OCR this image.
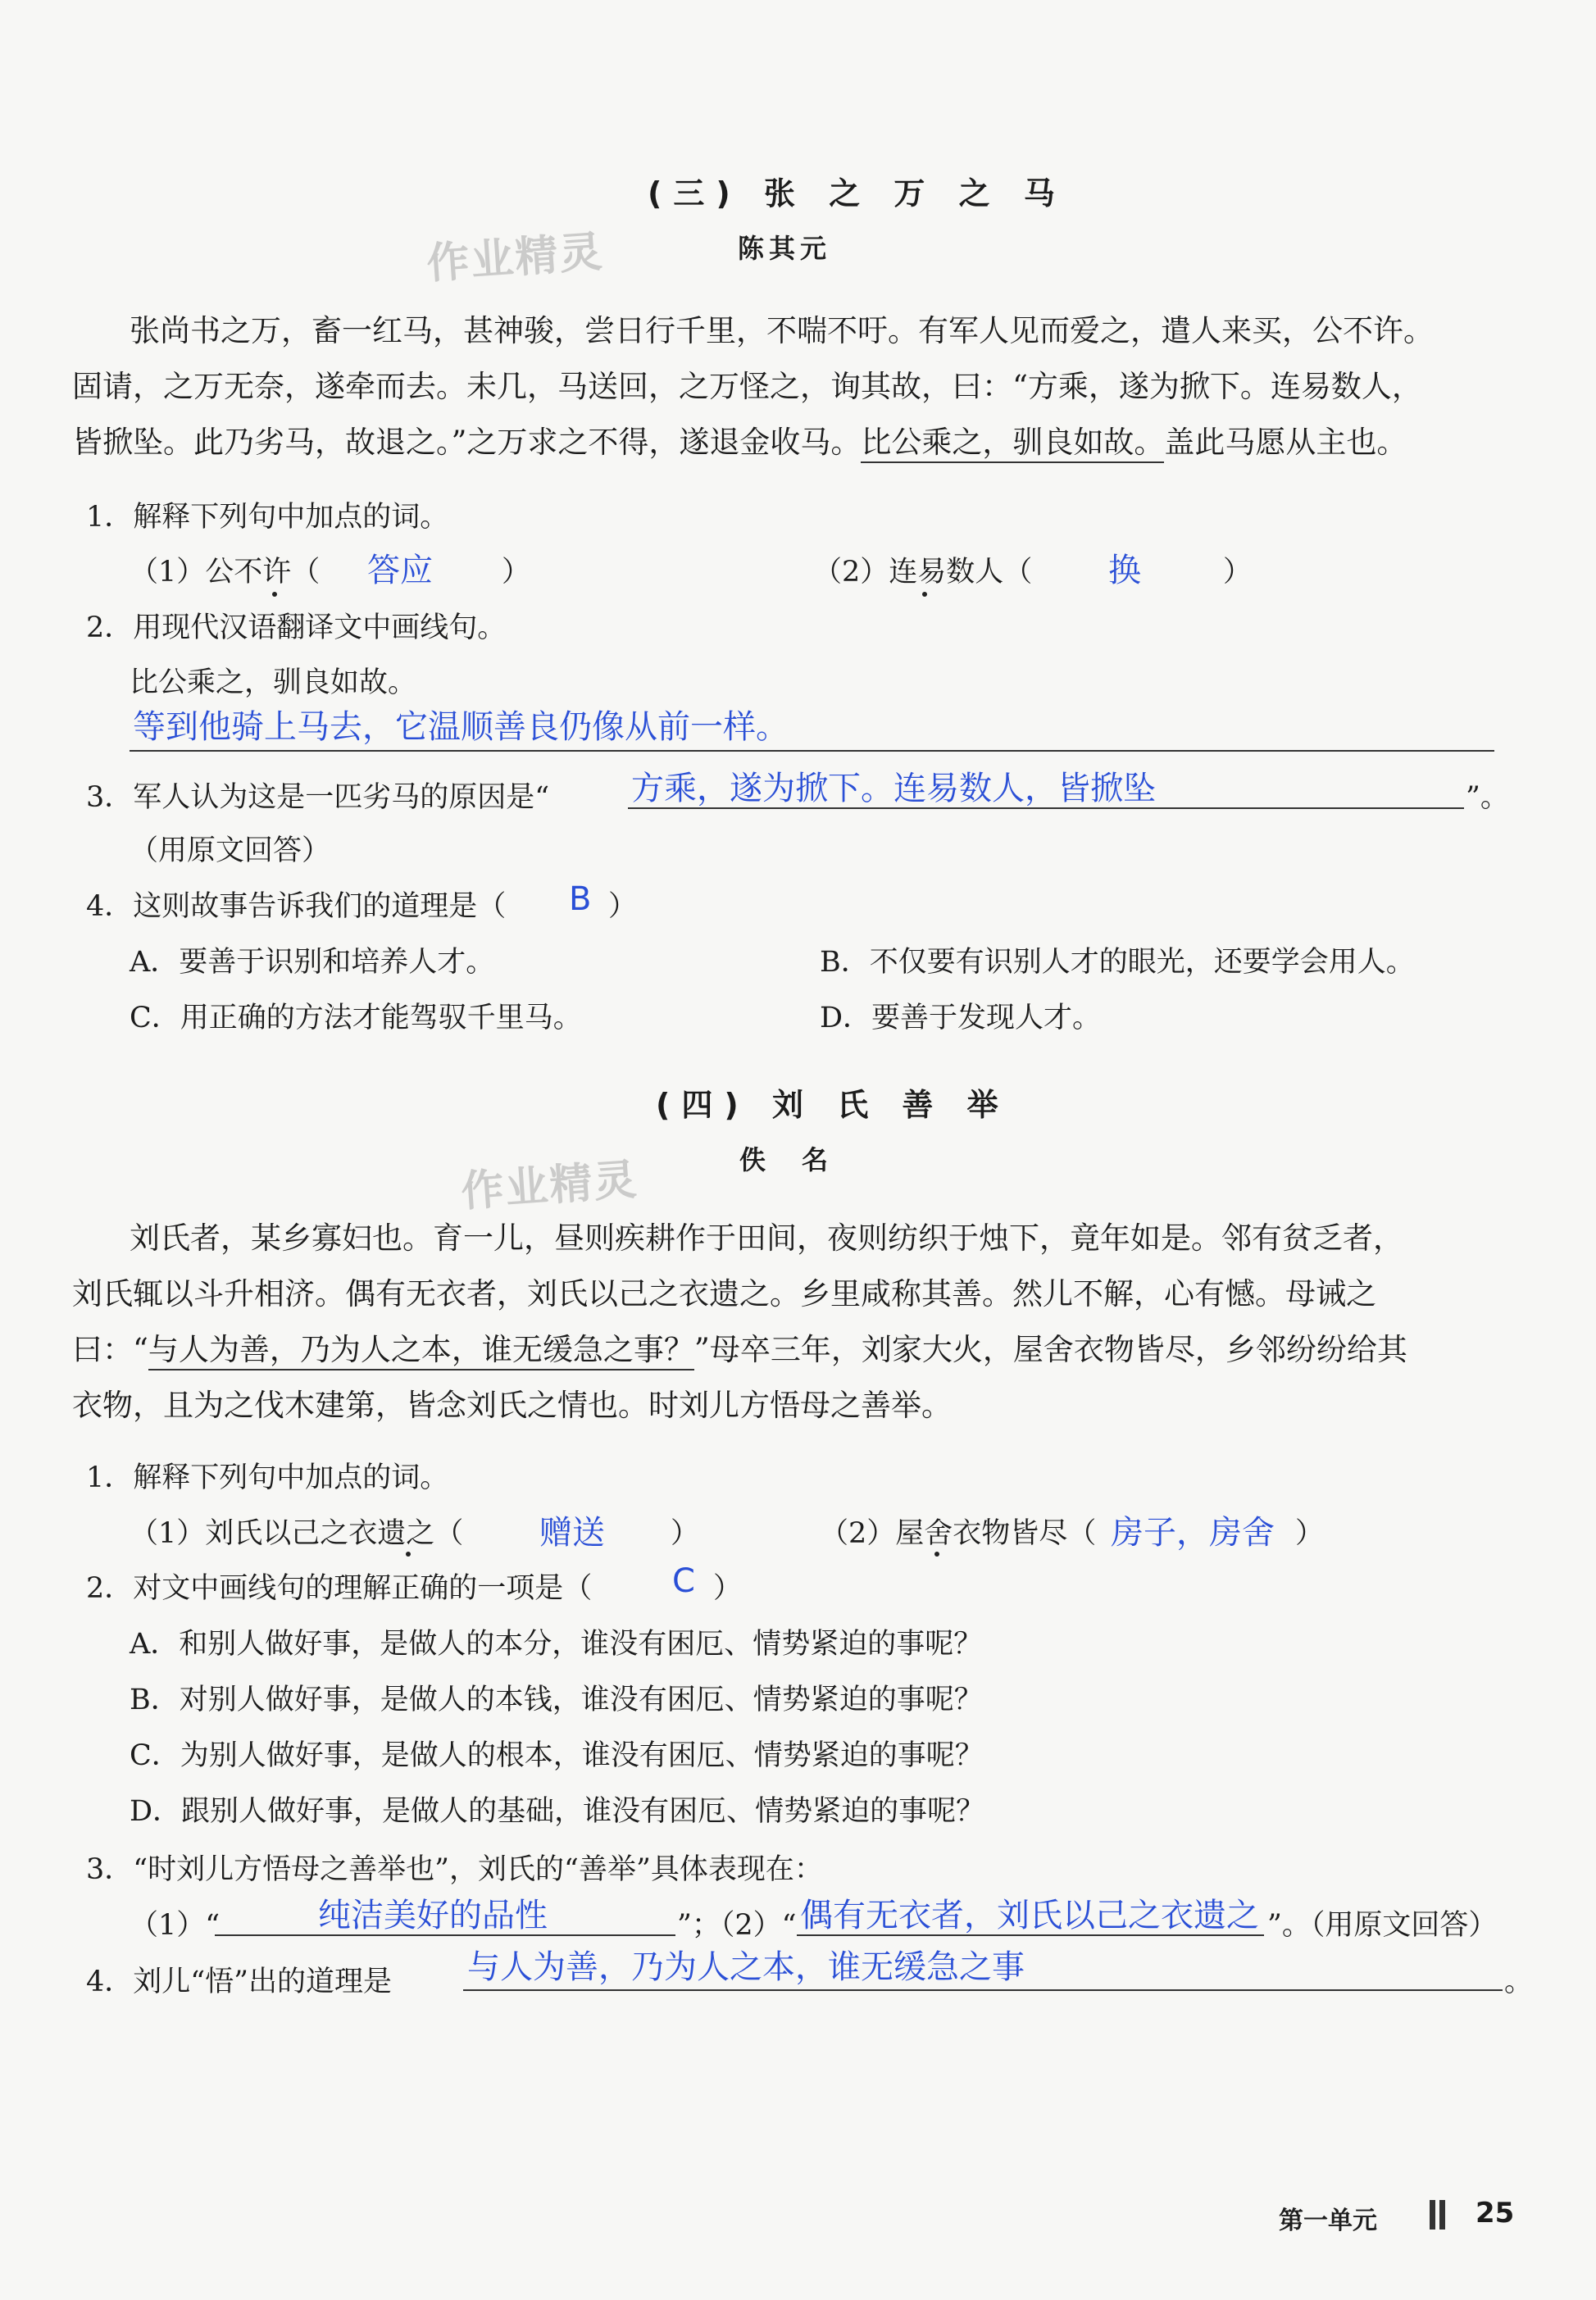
(三) 张 之 万 之 马
作业精灵	陈其元
张尚书之万，畜一红马，甚神骏，尝日行千里，不喘不吁。有军人见而爱之，遣人来买，公不许。
固请，之万无奈，遂牵而去。未几，马送回，之万怪之，询其故，曰：“方乘，遂为掀下。连易数人，
皆掀坠。此乃劣马，故退之。”之万求之不得，遂退金收马。比公乘之，驯良如故。盖此马愿从主也。
1．解释下列句中加点的词。
（1）公不许（ 答应 ）	（2）连易数人（ 换	）
2．用现代汉语翻译文中画线句。
比公乘之，驯良如故。
等到他骑上马去，它温顺善良仍像从前一样。
3．军人认为这是一匹劣马的原因是“ 方乘，遂为掀下。连易数人，皆掀坠	”。
（用原文回答）
4．这则故事告诉我们的道理是（ B ）
A．要善于识别和培养人才。	B．不仅要有识别人才的眼光，还要学会用人。
C．用正确的方法才能驾驭千里马。	D．要善于发现人才。
(四) 刘 氏 善 举
作业精灵	佚　名
刘氏者，某乡寡妇也。育一儿，昼则疾耕作于田间，夜则纺织于烛下，竟年如是。邻有贫乏者，
刘氏辄以斗升相济。偶有无衣者，刘氏以己之衣遗之。乡里咸称其善。然儿不解，心有憾。母诫之
曰：“与人为善，乃为人之本，谁无缓急之事？”母卒三年，刘家大火，屋舍衣物皆尽，乡邻纷纷给其
衣物，且为之伐木建第，皆念刘氏之情也。时刘儿方悟母之善举。
1．解释下列句中加点的词。
（1）刘氏以己之衣遗之（ 赠送 ）	（2）屋舍衣物皆尽（ 房子，房舍 ）
2．对文中画线句的理解正确的一项是（ C ）
A．和别人做好事，是做人的本分，谁没有困厄、情势紧迫的事呢？
B．对别人做好事，是做人的本钱，谁没有困厄、情势紧迫的事呢？
C．为别人做好事，是做人的根本，谁没有困厄、情势紧迫的事呢？
D．跟别人做好事，是做人的基础，谁没有困厄、情势紧迫的事呢？
3．“时刘儿方悟母之善举也”，刘氏的“善举”具体表现在：
（1）“	纯洁美好的品性	”；（2）“ 偶有无衣者，刘氏以己之衣遗之 ”。（用原文回答）
4．刘儿“悟”出的道理是 与人为善，乃为人之本，谁无缓急之事	。
第一单元	25
